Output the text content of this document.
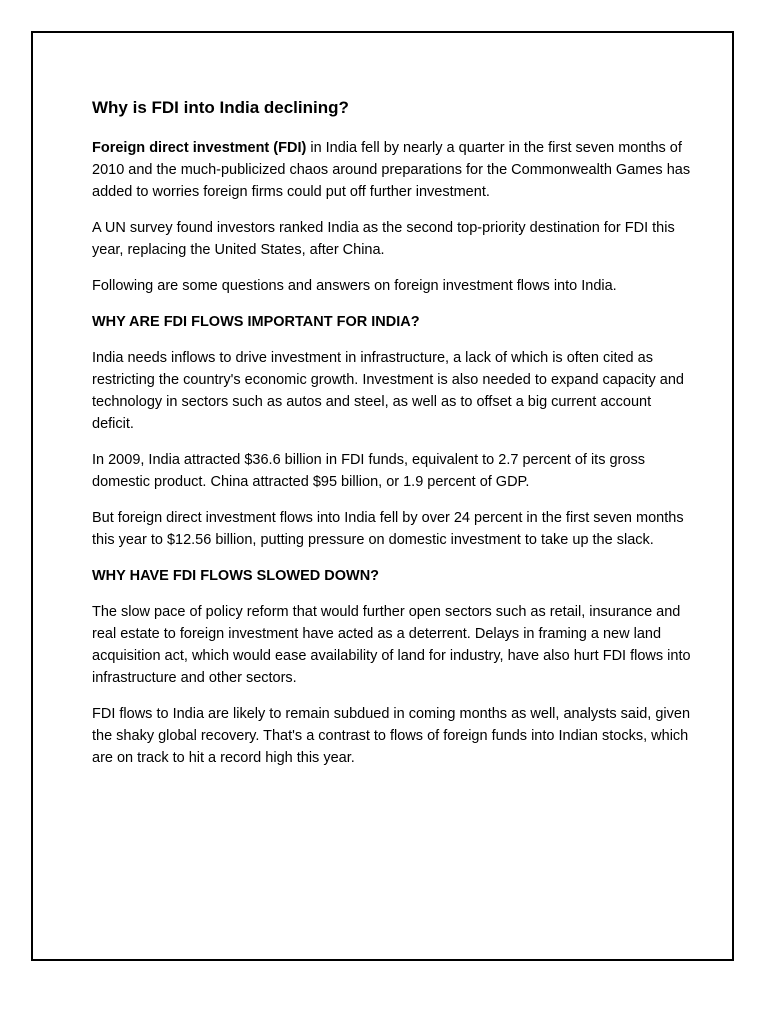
Why is FDI into India declining?

Foreign direct investment (FDI) in India fell by nearly a quarter in the first seven months of 2010 and the much-publicized chaos around preparations for the Commonwealth Games has added to worries foreign firms could put off further investment.

A UN survey found investors ranked India as the second top-priority destination for FDI this year, replacing the United States, after China.

Following are some questions and answers on foreign investment flows into India.

WHY ARE FDI FLOWS IMPORTANT FOR INDIA?

India needs inflows to drive investment in infrastructure, a lack of which is often cited as restricting the country's economic growth. Investment is also needed to expand capacity and technology in sectors such as autos and steel, as well as to offset a big current account deficit.

In 2009, India attracted $36.6 billion in FDI funds, equivalent to 2.7 percent of its gross domestic product. China attracted $95 billion, or 1.9 percent of GDP.

But foreign direct investment flows into India fell by over 24 percent in the first seven months this year to $12.56 billion, putting pressure on domestic investment to take up the slack.

WHY HAVE FDI FLOWS SLOWED DOWN?

The slow pace of policy reform that would further open sectors such as retail, insurance and real estate to foreign investment have acted as a deterrent. Delays in framing a new land acquisition act, which would ease availability of land for industry, have also hurt FDI flows into infrastructure and other sectors.

FDI flows to India are likely to remain subdued in coming months as well, analysts said, given the shaky global recovery. That's a contrast to flows of foreign funds into Indian stocks, which are on track to hit a record high this year.
